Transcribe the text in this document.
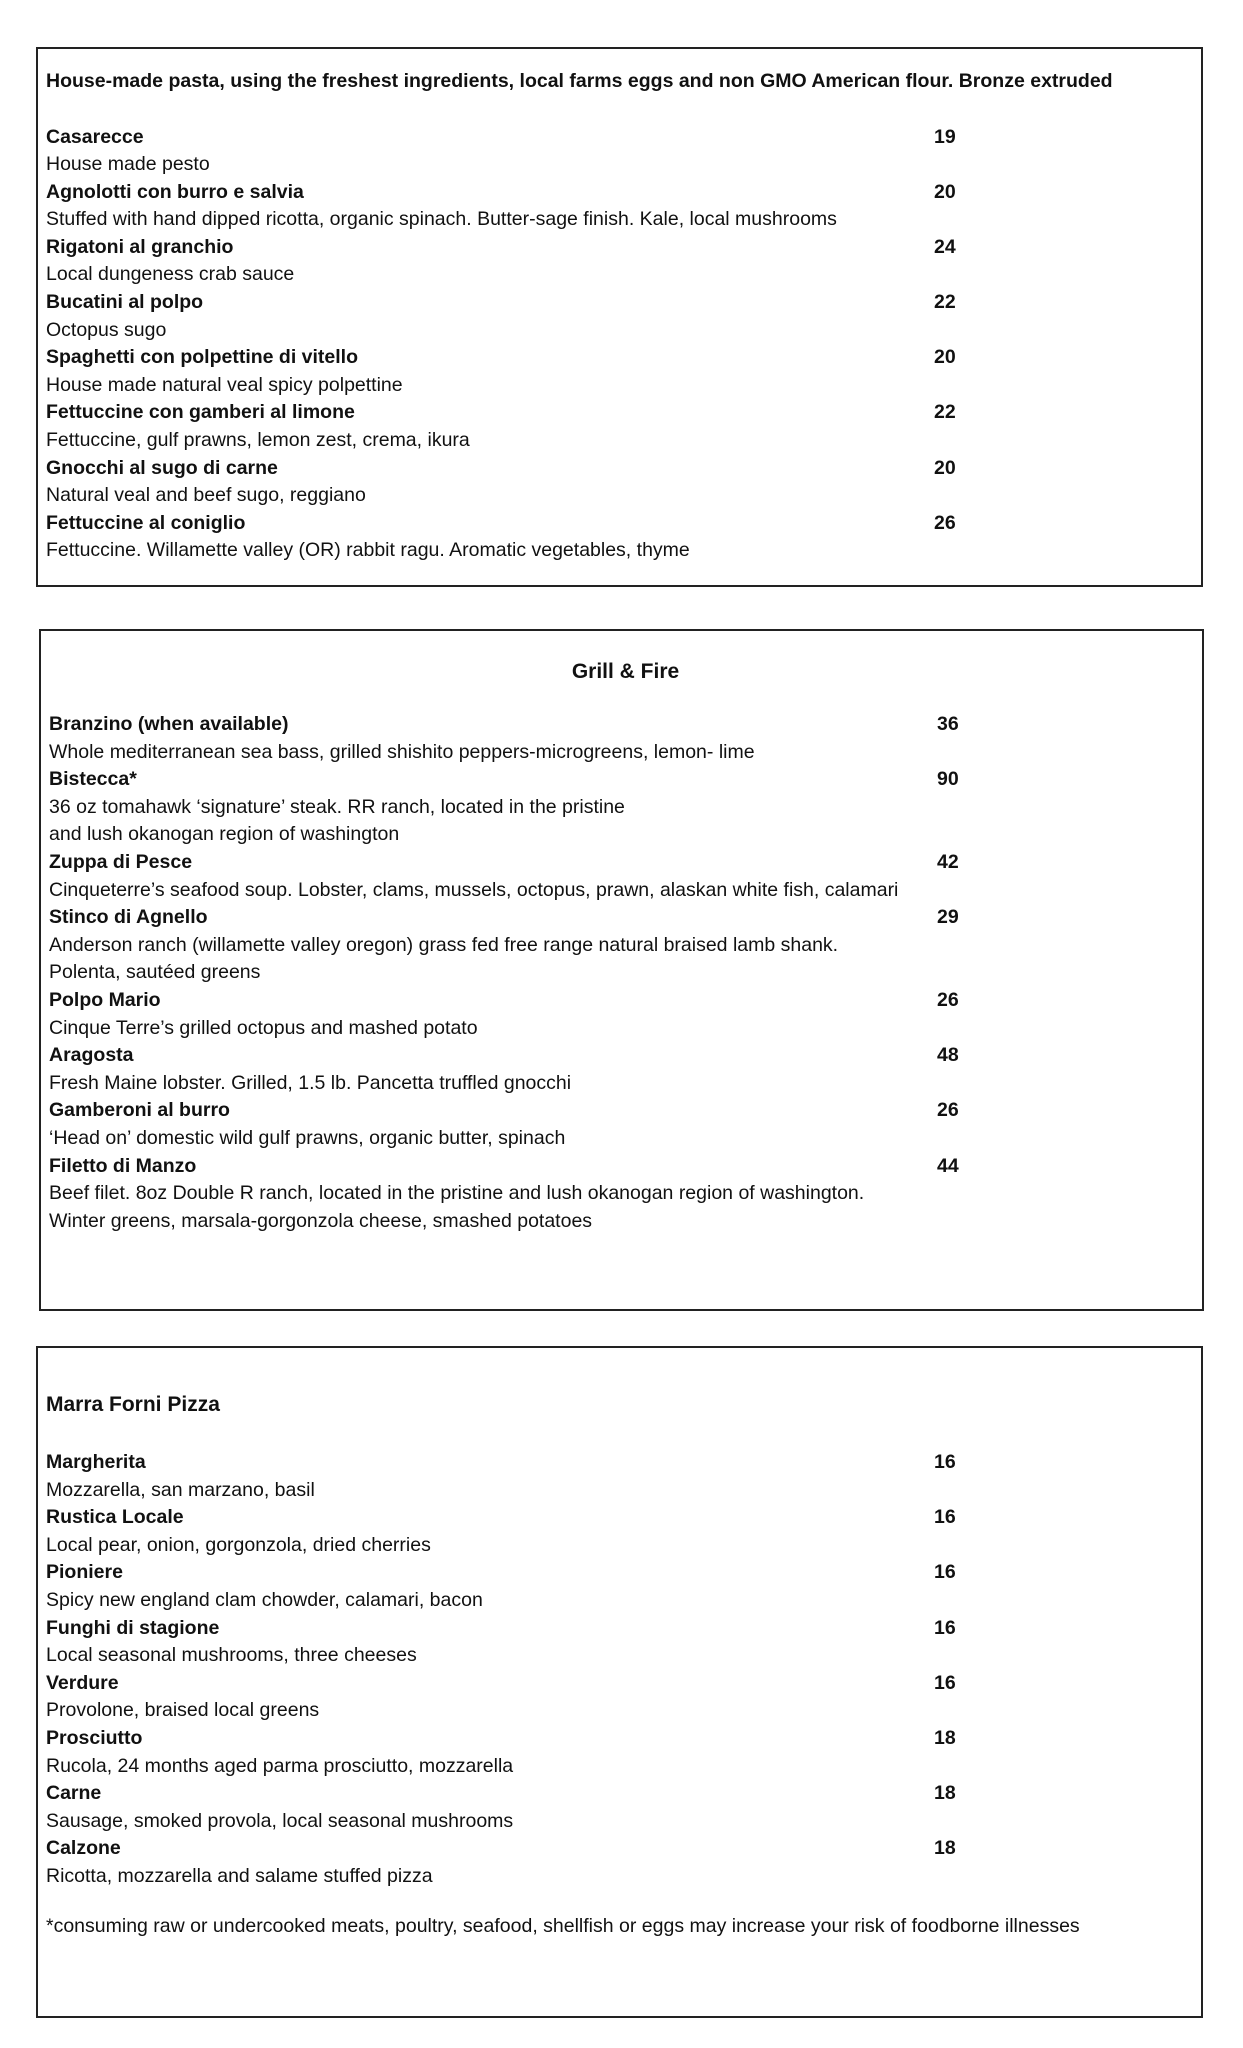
House-made pasta, using the freshest ingredients, local farms eggs and non GMO American flour. Bronze extruded
Casarecce	19
House made pesto
Agnolotti con burro e salvia	20
Stuffed with hand dipped ricotta, organic spinach. Butter-sage finish. Kale, local mushrooms
Rigatoni al granchio	24
Local dungeness crab sauce
Bucatini al polpo	22
Octopus sugo
Spaghetti con polpettine di vitello	20
House made natural veal spicy polpettine
Fettuccine con gamberi al limone	22
Fettuccine, gulf prawns, lemon zest, crema, ikura
Gnocchi al sugo di carne	20
Natural veal and beef sugo, reggiano
Fettuccine al coniglio	26
Fettuccine. Willamette valley (OR) rabbit ragu. Aromatic vegetables, thyme
Grill & Fire
Branzino (when available)	36
Whole mediterranean sea bass, grilled shishito peppers-microgreens, lemon- lime
Bistecca*	90
36 oz tomahawk ‘signature’ steak. RR ranch, located in the pristine
and lush okanogan region of washington
Zuppa di Pesce	42
Cinqueterre’s seafood soup. Lobster, clams, mussels, octopus, prawn, alaskan white fish, calamari
Stinco di Agnello	29
Anderson ranch (willamette valley oregon) grass fed free range natural braised lamb shank.
Polenta, sautéed greens
Polpo Mario	26
Cinque Terre’s grilled octopus and mashed potato
Aragosta	48
Fresh Maine lobster. Grilled, 1.5 lb. Pancetta truffled gnocchi
Gamberoni al burro	26
‘Head on’ domestic wild gulf prawns, organic butter, spinach
Filetto di Manzo	44
Beef filet. 8oz Double R ranch, located in the pristine and lush okanogan region of washington.
Winter greens, marsala-gorgonzola cheese, smashed potatoes
Marra Forni Pizza
Margherita	16
Mozzarella, san marzano, basil
Rustica Locale	16
Local pear, onion, gorgonzola, dried cherries
Pioniere	16
Spicy new england clam chowder, calamari, bacon
Funghi di stagione	16
Local seasonal mushrooms, three cheeses
Verdure	16
Provolone, braised local greens
Prosciutto	18
Rucola, 24 months aged parma prosciutto, mozzarella
Carne	18
Sausage, smoked provola, local seasonal mushrooms
Calzone	18
Ricotta, mozzarella and salame stuffed pizza
*consuming raw or undercooked meats, poultry, seafood, shellfish or eggs may increase your risk of foodborne illnesses
